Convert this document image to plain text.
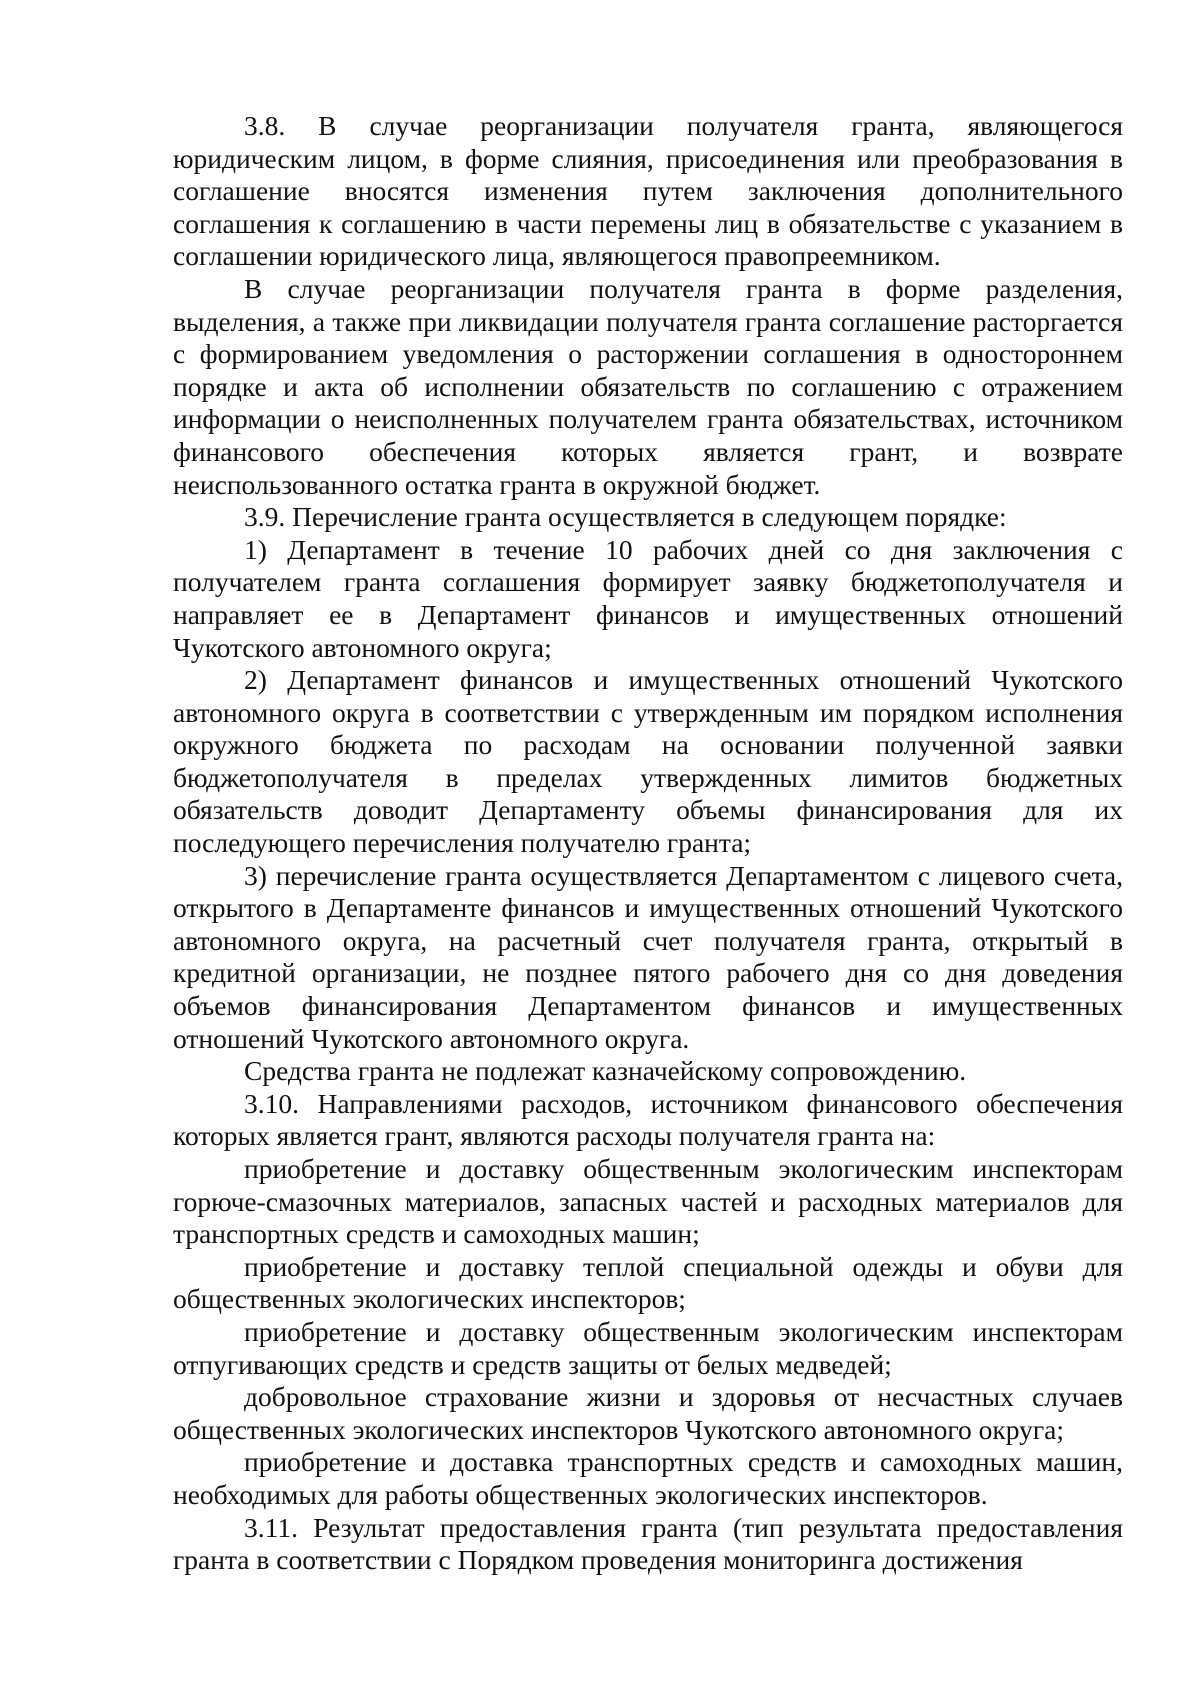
3.8. В случае реорганизации получателя гранта, являющегося юридическим лицом, в форме слияния, присоединения или преобразования в соглашение вносятся изменения путем заключения дополнительного соглашения к соглашению в части перемены лиц в обязательстве с указанием в соглашении юридического лица, являющегося правопреемником.

В случае реорганизации получателя гранта в форме разделения, выделения, а также при ликвидации получателя гранта соглашение расторгается с формированием уведомления о расторжении соглашения в одностороннем порядке и акта об исполнении обязательств по соглашению с отражением информации о неисполненных получателем гранта обязательствах, источником финансового обеспечения которых является грант, и возврате неиспользованного остатка гранта в окружной бюджет.

3.9. Перечисление гранта осуществляется в следующем порядке:

1) Департамент в течение 10 рабочих дней со дня заключения с получателем гранта соглашения формирует заявку бюджетополучателя и направляет ее в Департамент финансов и имущественных отношений Чукотского автономного округа;

2) Департамент финансов и имущественных отношений Чукотского автономного округа в соответствии с утвержденным им порядком исполнения окружного бюджета по расходам на основании полученной заявки бюджетополучателя в пределах утвержденных лимитов бюджетных обязательств доводит Департаменту объемы финансирования для их последующего перечисления получателю гранта;

3) перечисление гранта осуществляется Департаментом с лицевого счета, открытого в Департаменте финансов и имущественных отношений Чукотского автономного округа, на расчетный счет получателя гранта, открытый в кредитной организации, не позднее пятого рабочего дня со дня доведения объемов финансирования Департаментом финансов и имущественных отношений Чукотского автономного округа.

Средства гранта не подлежат казначейскому сопровождению.

3.10. Направлениями расходов, источником финансового обеспечения которых является грант, являются расходы получателя гранта на:

приобретение и доставку общественным экологическим инспекторам горюче-смазочных материалов, запасных частей и расходных материалов для транспортных средств и самоходных машин;

приобретение и доставку теплой специальной одежды и обуви для общественных экологических инспекторов;

приобретение и доставку общественным экологическим инспекторам отпугивающих средств и средств защиты от белых медведей;

добровольное страхование жизни и здоровья от несчастных случаев общественных экологических инспекторов Чукотского автономного округа;

приобретение и доставка транспортных средств и самоходных машин, необходимых для работы общественных экологических инспекторов.

3.11. Результат предоставления гранта (тип результата предоставления гранта в соответствии с Порядком проведения мониторинга достижения
